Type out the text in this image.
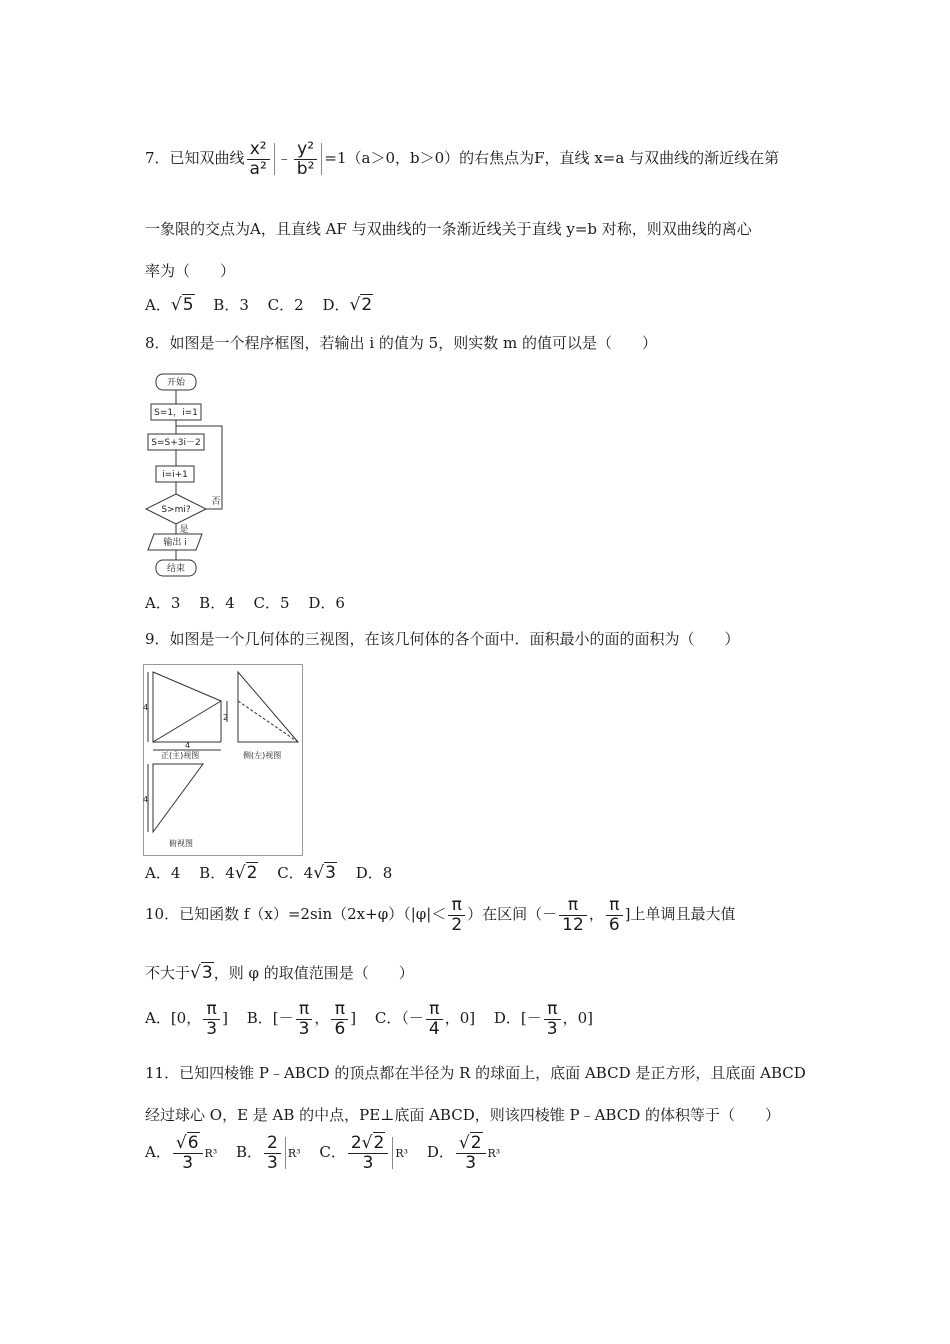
7．已知双曲线 $\frac{\text{x²}}{\text{a²}}$ ﹣ $\frac{\text{y²}}{\text{b²}} =1(a>0$，b＞0）的右焦点为F，直线 x=a 与双曲线的渐近线在第
一象限的交点为A，且直线 AF 与双曲线的一条渐近线关于直线 y=b 对称，则双曲线的离心
率为（　　）
A．√5 B．3 C．2 D．√2
8．如图是一个程序框图，若输出 i 的值为 5，则实数 m 的值可以是（　　）
开始
S=1，i=1
S=S+3i－2
i=i+1
S>mi?
否
是
输出 i
结束
A．3 B．4 C．5 D．6
9．如图是一个几何体的三视图，在该几何体的各个面中．面积最小的面的面积为（　　）
4
2
4
正(主)视图	侧(左)视图
4
俯视图
A．4 B．4√2 C．4√3 D．8
10．已知函数 $f(x)=2\sin(2x+\varphi)(|\varphi|< \frac{\pi}{2}$ ）在区间（－ $\frac{\pi}{12}$ ， $\frac{\pi}{6}$ ]上单调且最大值
不大于√3，则 φ 的取值范围是（　　）
A．[0， $\frac{\pi}{3}$ ] B．[－ $\frac{\pi}{3}$ ， $\frac{\pi}{6}$ ] C．（－ $\frac{\pi}{4}$ ，0] D．[－ $\frac{\pi}{3}$ ，0]
11．已知四棱锥 P﹣ABCD 的顶点都在半径为 R 的球面上，底面 ABCD 是正方形，且底面 ABCD
经过球心 O，E 是 AB 的中点，PE⊥底面 ABCD，则该四棱锥 P﹣ABCD 的体积等于（　　）
A． $\frac{√6}{3} R^3$ B． $\frac{2}{3} R^3$ C． $\frac{2√2}{3} R^3$ D． $\frac{√2}{3} R^3$
